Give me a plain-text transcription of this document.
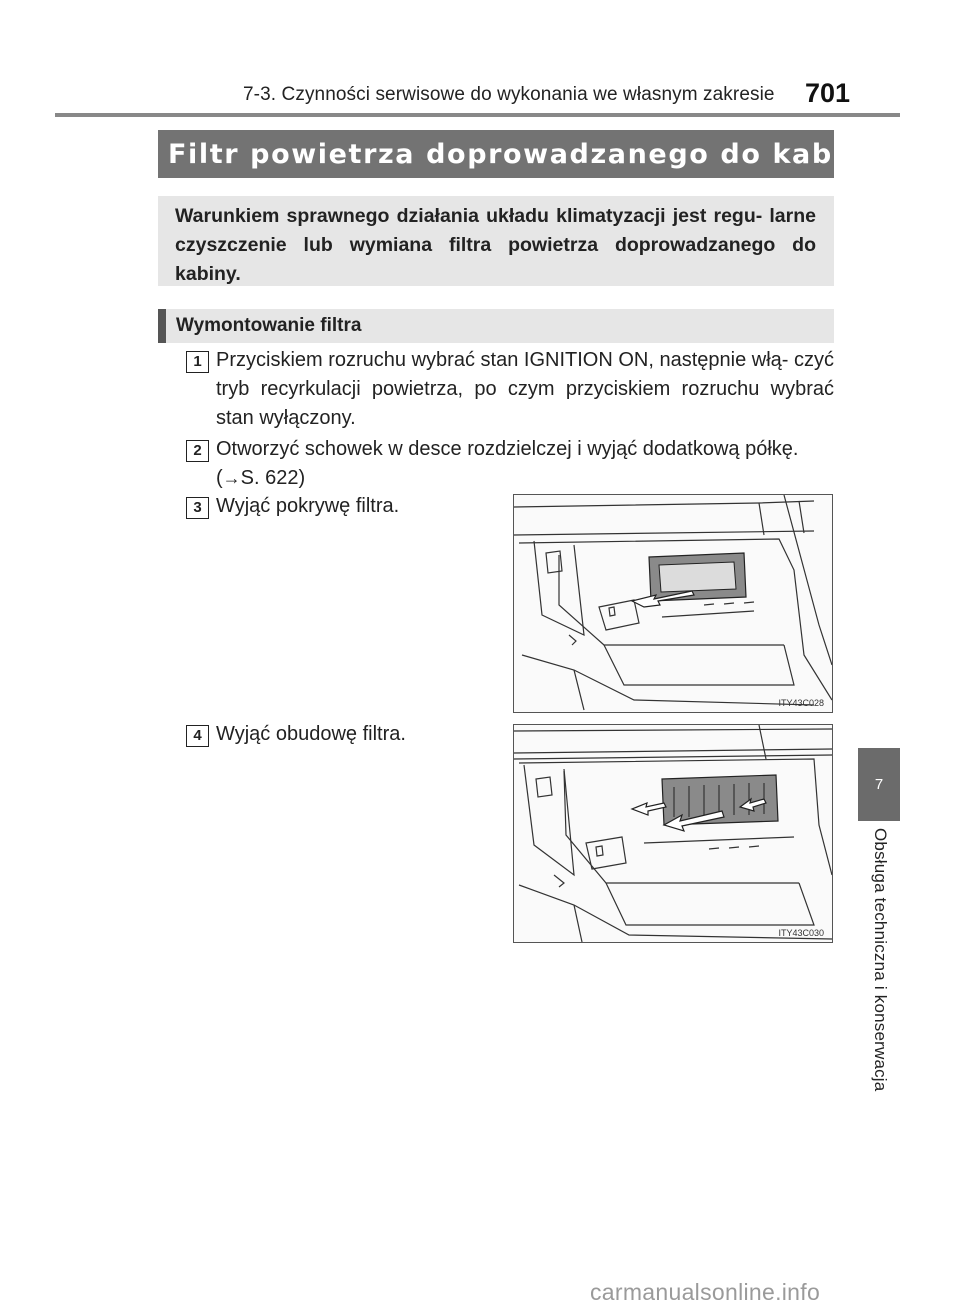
7-3. Czynności serwisowe do wykonania we własnym zakresie 701
Filtr powietrza doprowadzanego do kabiny
Warunkiem sprawnego działania układu klimatyzacji jest regu- larne czyszczenie lub wymiana filtra powietrza doprowadzanego do kabiny.
Wymontowanie filtra
1 Przyciskiem rozruchu wybrać stan IGNITION ON, następnie włą- czyć tryb recyrkulacji powietrza, po czym przyciskiem rozruchu wybrać stan wyłączony.
2 Otworzyć schowek w desce rozdzielczej i wyjąć dodatkową półkę.
(→S. 622)
3 Wyjąć pokrywę filtra.
ITY43C028
4 Wyjąć obudowę filtra.
ITY43C030
7
Obsługa techniczna i konserwacja
carmanualsonline.info
